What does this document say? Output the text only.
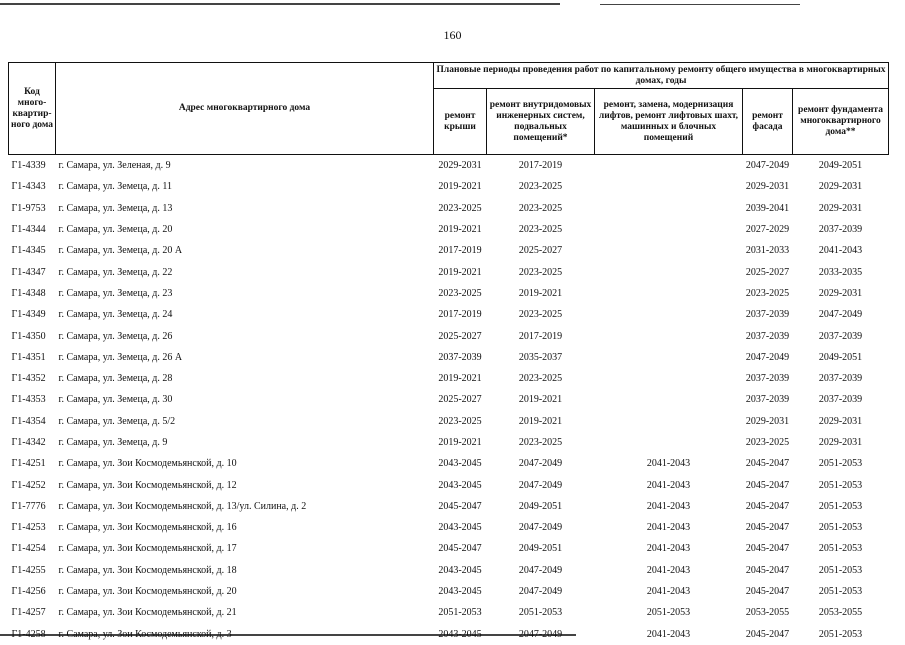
160
Код много-квартир-ного дома	Адрес многоквартирного дома	Плановые периоды проведения работ по капитальному ремонту общего имущества в многоквартирных домах, годы				
		ремонт крыши	ремонт внутридомовых инженерных систем, подвальных помещений*	ремонт, замена, модернизация лифтов, ремонт лифтовых шахт, машинных и блочных помещений	ремонт фасада	ремонт фундамента многоквартирного дома**
Г1-4339	г. Самара, ул. Зеленая, д. 9	2029-2031	2017-2019		2047-2049	2049-2051
Г1-4343	г. Самара, ул. Земеца, д. 11	2019-2021	2023-2025		2029-2031	2029-2031
Г1-9753	г. Самара, ул. Земеца, д. 13	2023-2025	2023-2025		2039-2041	2029-2031
Г1-4344	г. Самара, ул. Земеца, д. 20	2019-2021	2023-2025		2027-2029	2037-2039
Г1-4345	г. Самара, ул. Земеца, д. 20 А	2017-2019	2025-2027		2031-2033	2041-2043
Г1-4347	г. Самара, ул. Земеца, д. 22	2019-2021	2023-2025		2025-2027	2033-2035
Г1-4348	г. Самара, ул. Земеца, д. 23	2023-2025	2019-2021		2023-2025	2029-2031
Г1-4349	г. Самара, ул. Земеца, д. 24	2017-2019	2023-2025		2037-2039	2047-2049
Г1-4350	г. Самара, ул. Земеца, д. 26	2025-2027	2017-2019		2037-2039	2037-2039
Г1-4351	г. Самара, ул. Земеца, д. 26 А	2037-2039	2035-2037		2047-2049	2049-2051
Г1-4352	г. Самара, ул. Земеца, д. 28	2019-2021	2023-2025		2037-2039	2037-2039
Г1-4353	г. Самара, ул. Земеца, д. 30	2025-2027	2019-2021		2037-2039	2037-2039
Г1-4354	г. Самара, ул. Земеца, д. 5/2	2023-2025	2019-2021		2029-2031	2029-2031
Г1-4342	г. Самара, ул. Земеца, д. 9	2019-2021	2023-2025		2023-2025	2029-2031
Г1-4251	г. Самара, ул. Зои Космодемьянской, д. 10	2043-2045	2047-2049	2041-2043	2045-2047	2051-2053
Г1-4252	г. Самара, ул. Зои Космодемьянской, д. 12	2043-2045	2047-2049	2041-2043	2045-2047	2051-2053
Г1-7776	г. Самара, ул. Зои Космодемьянской, д. 13/ул. Силина, д. 2	2045-2047	2049-2051	2041-2043	2045-2047	2051-2053
Г1-4253	г. Самара, ул. Зои Космодемьянской, д. 16	2043-2045	2047-2049	2041-2043	2045-2047	2051-2053
Г1-4254	г. Самара, ул. Зои Космодемьянской, д. 17	2045-2047	2049-2051	2041-2043	2045-2047	2051-2053
Г1-4255	г. Самара, ул. Зои Космодемьянской, д. 18	2043-2045	2047-2049	2041-2043	2045-2047	2051-2053
Г1-4256	г. Самара, ул. Зои Космодемьянской, д. 20	2043-2045	2047-2049	2041-2043	2045-2047	2051-2053
Г1-4257	г. Самара, ул. Зои Космодемьянской, д. 21	2051-2053	2051-2053	2051-2053	2053-2055	2053-2055
Г1-4258	г. Самара, ул. Зои Космодемьянской, д. 3	2043-2045	2047-2049	2041-2043	2045-2047	2051-2053
